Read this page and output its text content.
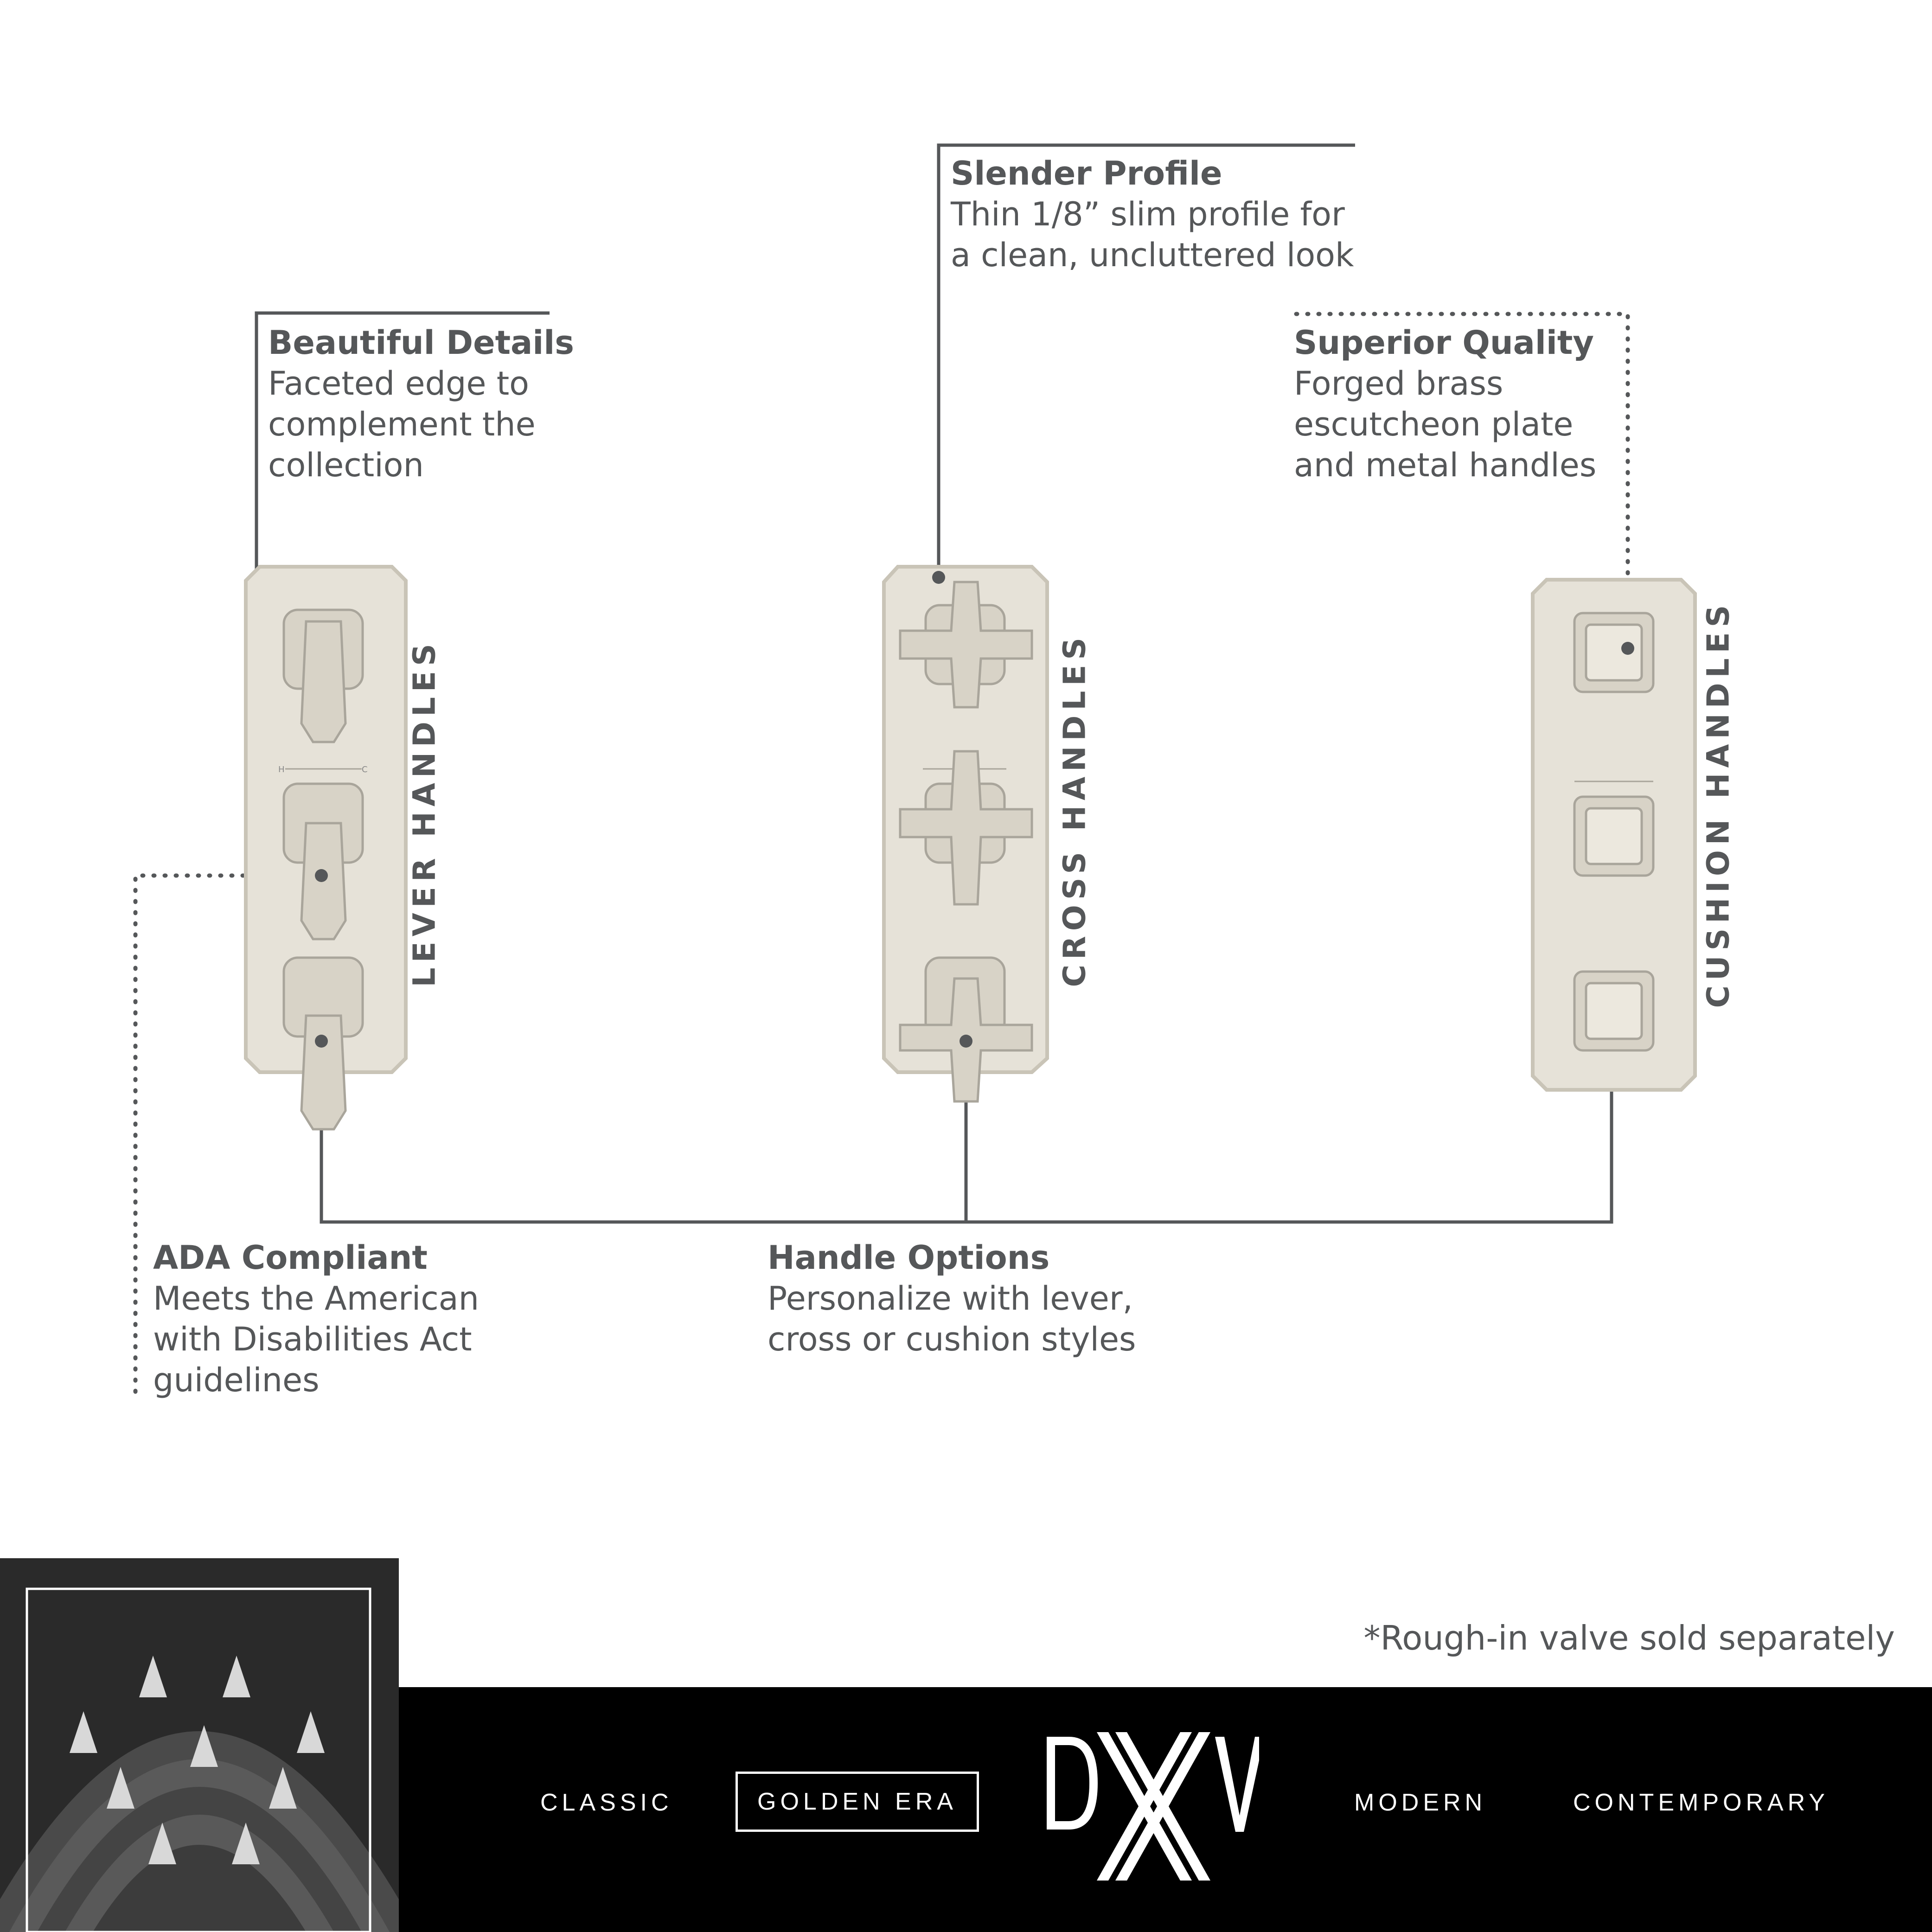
H	C
Beautiful Details
Faceted edge to
complement the
collection
Slender Profile
Thin 1/8” slim profile for
a clean, uncluttered look
Superior Quality
Forged brass
escutcheon plate
and metal handles
ADA Compliant
Meets the American
with Disabilities Act
guidelines
Handle Options
Personalize with lever,
cross or cushion styles
LEVER HANDLES	CROSS HANDLES	CUSHION HANDLES
*Rough-in valve sold separately
CLASSIC	GOLDEN ERA	MODERN	CONTEMPORARY
